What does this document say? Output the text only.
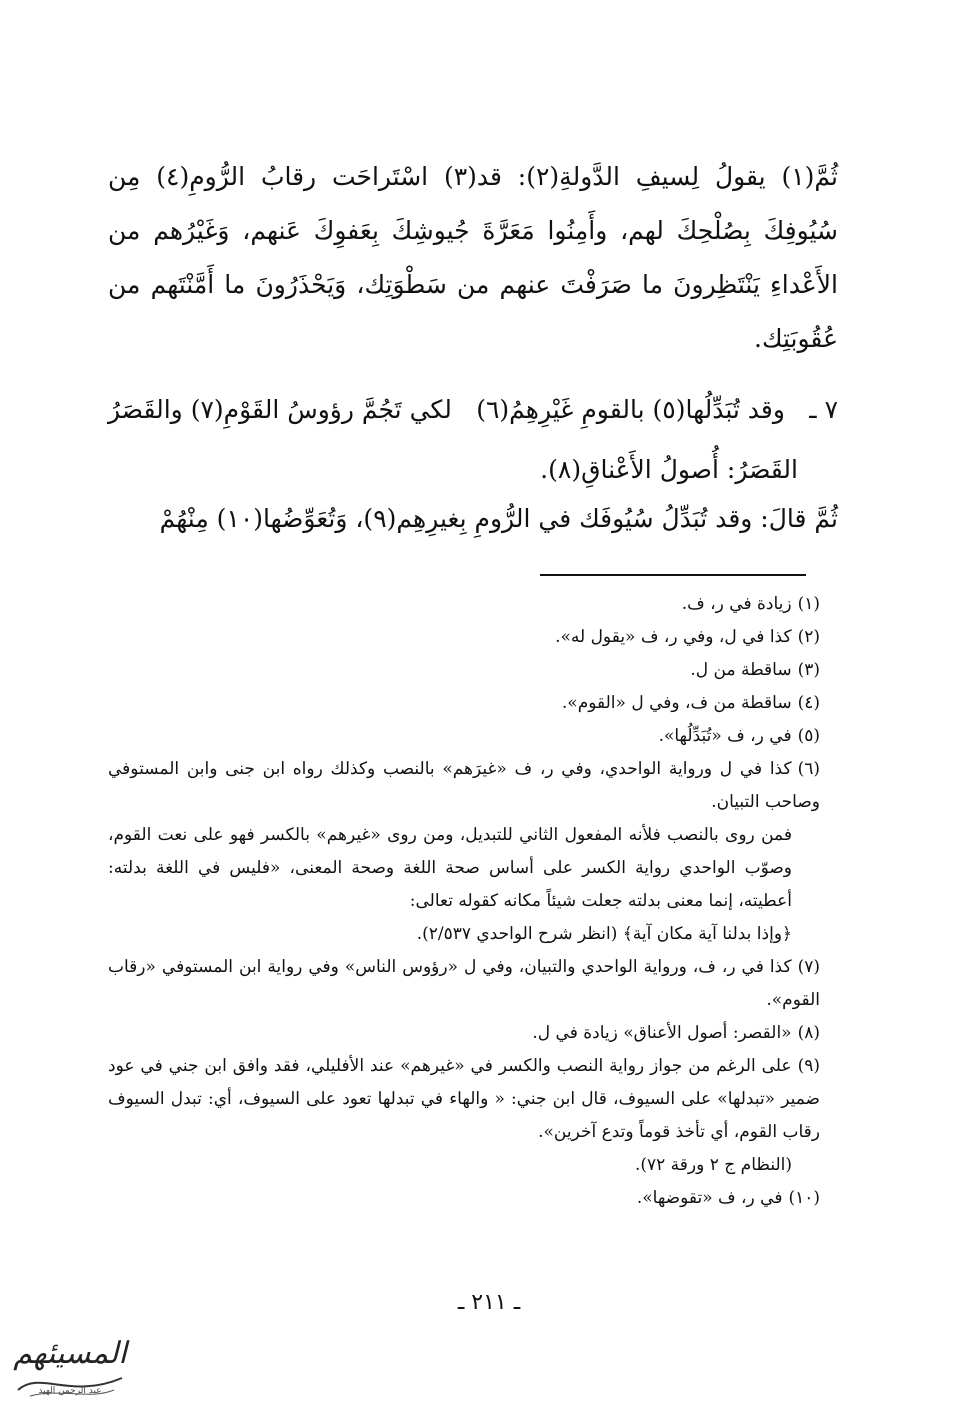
ثُمَّ(١) يقولُ لِسيفِ الدَّولةِ(٢): قد(٣) اسْتَراحَت رقابُ الرُّومِ(٤) مِن سُيُوفِكَ بِصُلْحِكَ لهم، وأَمِنُوا مَعَرَّةَ جُيوشِكَ بِعَفوِكَ عَنهم، وَغَيْرُهم من الأَعْداءِ يَنْتَظِرونَ ما صَرَفْتَ عنهم من سَطْوَتِك، وَيَحْذَرُونَ ما أَمَّنْتَهم من عُقُوبَتِك.

٧ ـ
وقد تُبَدِّلُها(٥) بالقومِ غَيْرِهِمُ(٦)
لكي تَجُمَّ رؤوسُ القَوْمِ(٧) والقَصَرُ
القَصَرُ: أُصولُ الأَعْناقِ(٨).
ثُمَّ قالَ: وقد تُبَدِّلُ سُيُوفَك في الرُّومِ بِغيرِهِم(٩)، وَتُعَوِّضُها(١٠) مِنْهُمْ

(١)زيادة في ر، ف.

(٢)كذا في ل، وفي ر، ف «يقول له».

(٣)ساقطة من ل.

(٤)ساقطة من ف، وفي ل «القوم».

(٥)في ر، ف «تُبَدِّلُها».

(٦)كذا في ل ورواية الواحدي، وفي ر، ف «غيرَهم» بالنصب وكذلك رواه ابن جنى وابن المستوفي وصاحب التبيان.

فمن روى بالنصب فلأنه المفعول الثاني للتبديل، ومن روى «غيرهم» بالكسر فهو على نعت القوم، وصوّب الواحدي رواية الكسر على أساس صحة اللغة وصحة المعنى، «فليس في اللغة بدلته: أعطيته، إنما معنى بدلته جعلت شيئاً مكانه كقوله تعالى:

﴿وإذا بدلنا آية مكان آية﴾ (انظر شرح الواحدي ٢/٥٣٧).

(٧)كذا في ر، ف، ورواية الواحدي والتبيان، وفي ل «رؤوس الناس» وفي رواية ابن المستوفي «رقاب القوم».

(٨)«القصر: أصول الأعناق» زيادة في ل.

(٩)على الرغم من جواز رواية النصب والكسر في «غيرهم» عند الأفليلي، فقد وافق ابن جني في عود ضمير «تبدلها» على السيوف، قال ابن جني: « والهاء في تبدلها تعود على السيوف، أي: تبدل السيوف رقاب القوم، أي تأخذ قوماً وتدع آخرين».

(النظام ج ٢ ورقة ٧٢).

(١٠)في ر، ف «تقوضها».

ـ ٢١١ ـ
المسيئهم
عبد الرحمن الهيد
